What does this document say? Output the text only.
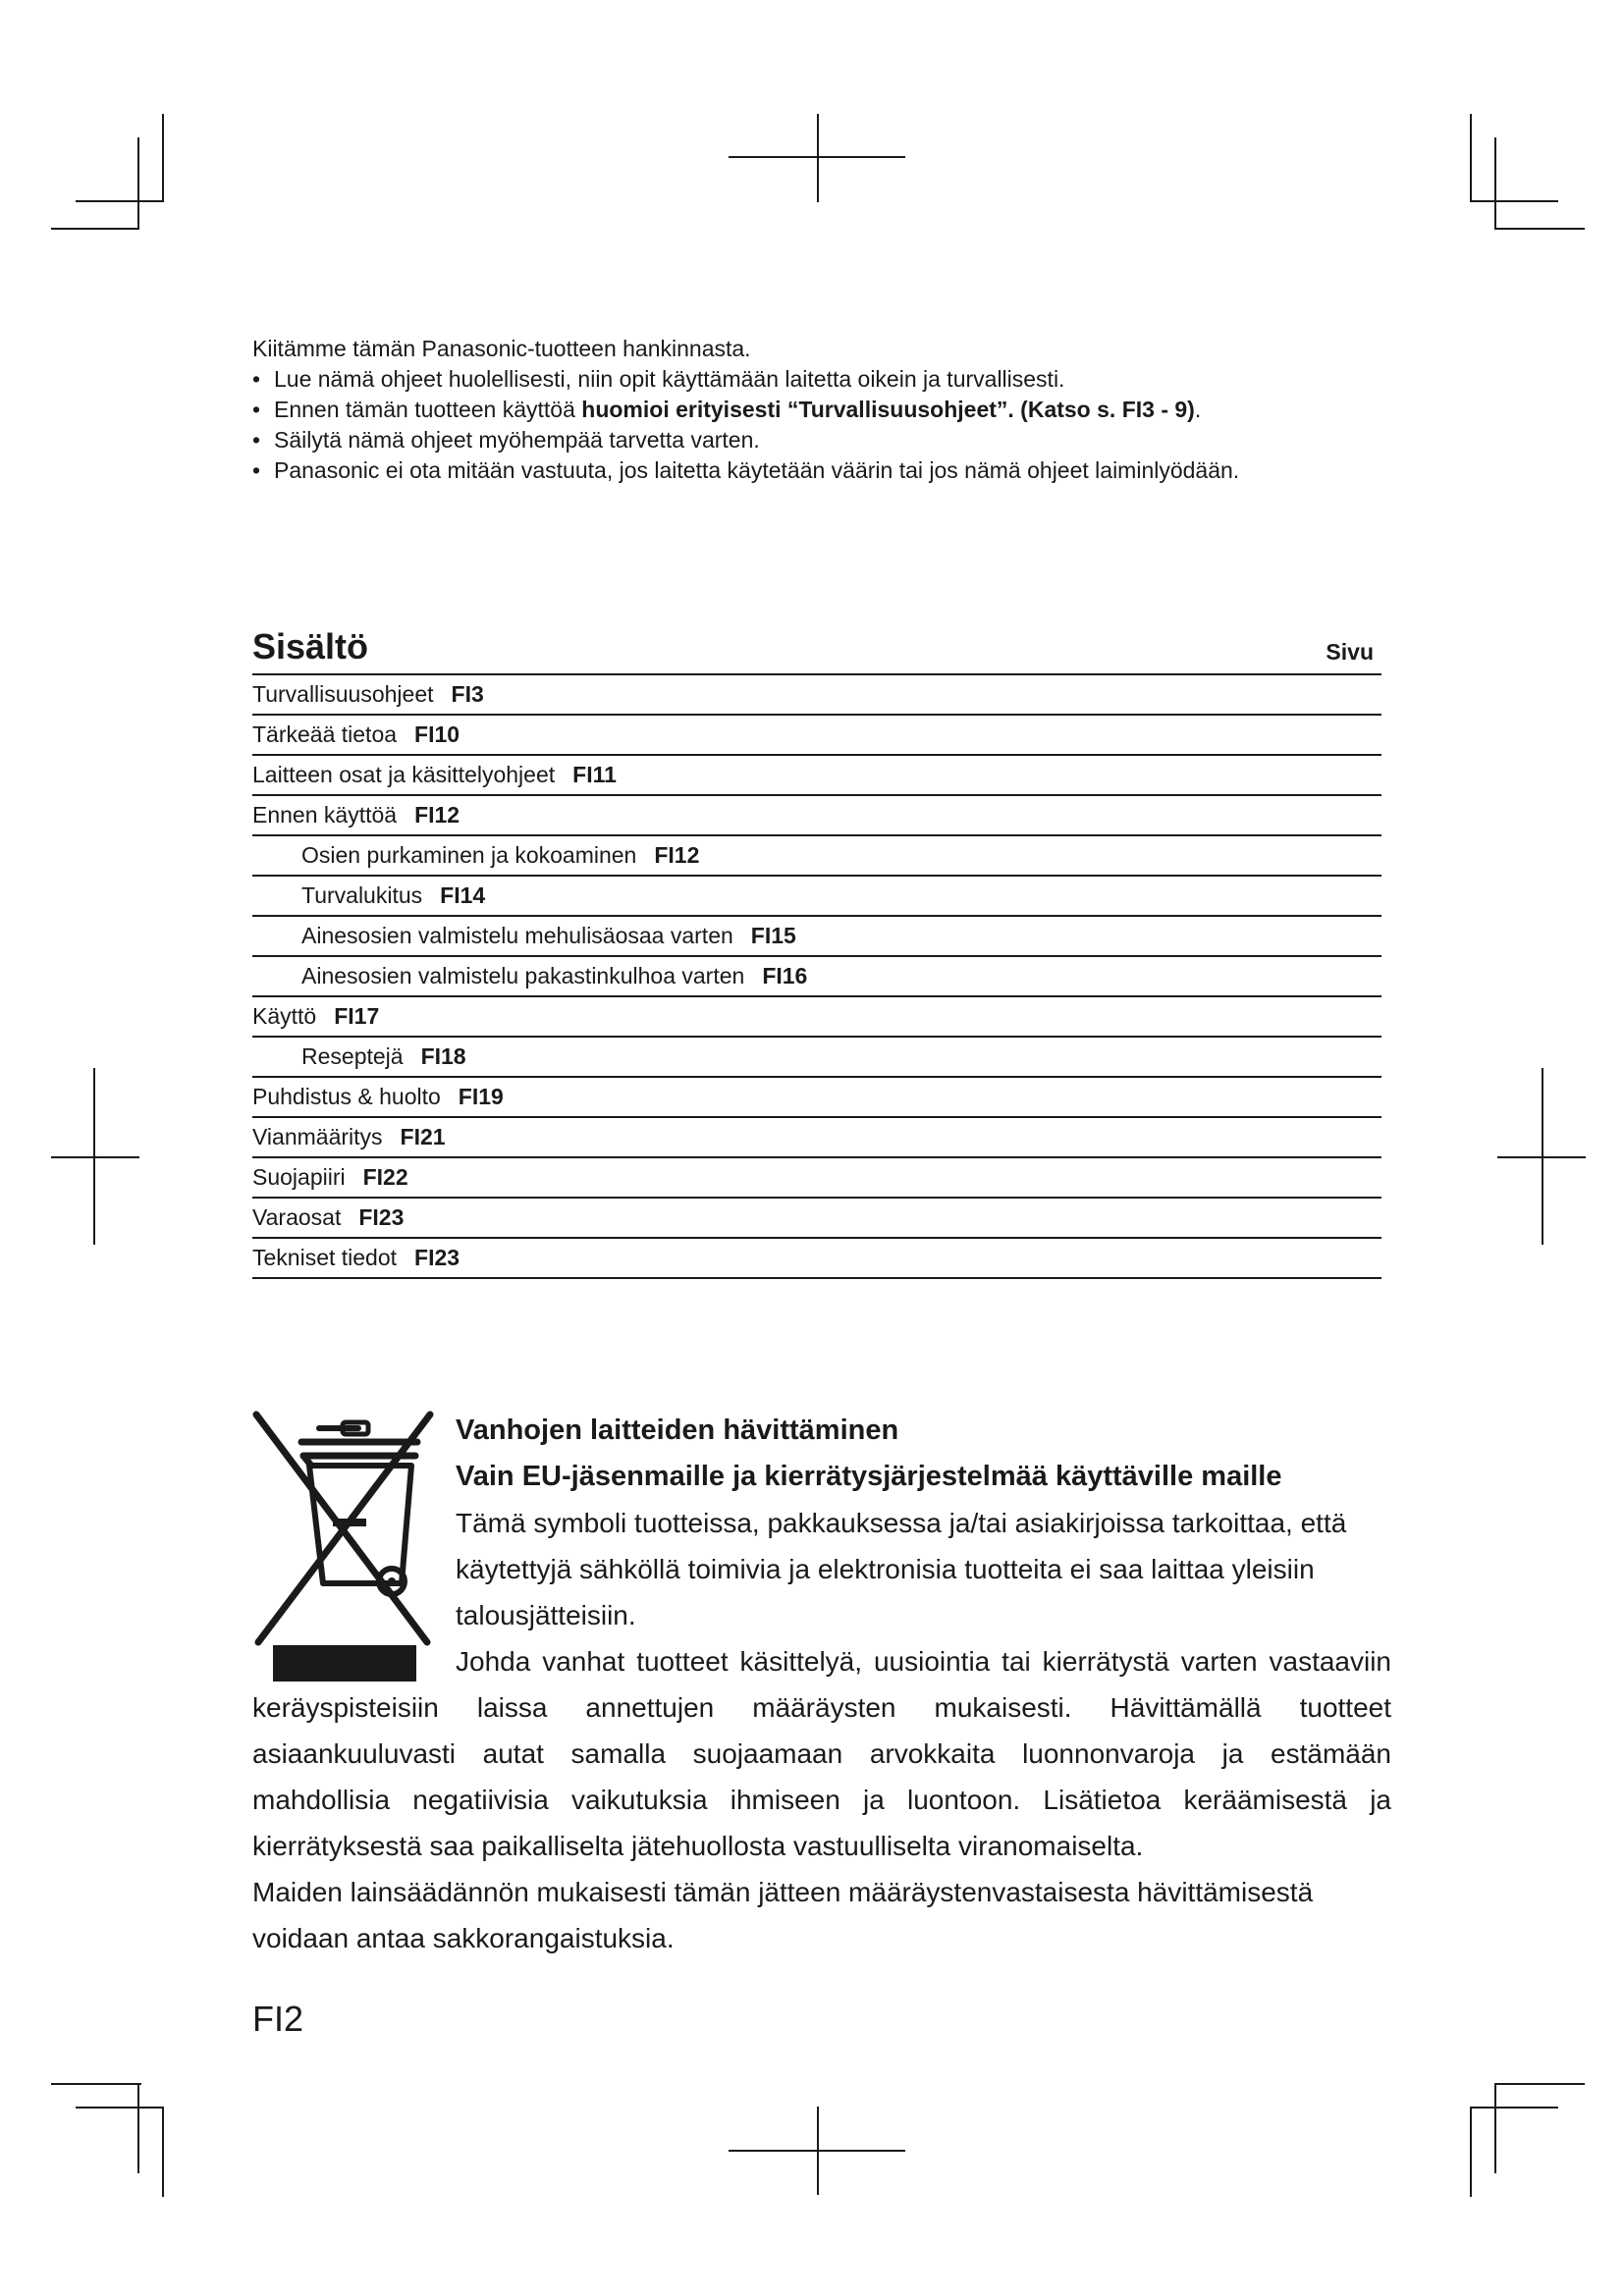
Kiitämme tämän Panasonic-tuotteen hankinnasta.

• Lue nämä ohjeet huolellisesti, niin opit käyttämään laitetta oikein ja turvallisesti.
• Ennen tämän tuotteen käyttöä huomioi erityisesti “Turvallisuusohjeet”. (Katso s. FI3 - 9).
• Säilytä nämä ohjeet myöhempää tarvetta varten.
• Panasonic ei ota mitään vastuuta, jos laitetta käytetään väärin tai jos nämä ohjeet laiminlyödään.
Sisältö	Sivu
Turvallisuusohjeet FI3
Tärkeää tietoa FI10
Laitteen osat ja käsittelyohjeet FI11
Ennen käyttöä FI12
Osien purkaminen ja kokoaminen FI12
Turvalukitus FI14
Ainesosien valmistelu mehulisäosaa varten FI15
Ainesosien valmistelu pakastinkulhoa varten FI16
Käyttö FI17
Reseptejä FI18
Puhdistus & huolto FI19
Vianmääritys FI21
Suojapiiri FI22
Varaosat FI23
Tekniset tiedot FI23
Vanhojen laitteiden hävittäminen
Vain EU-jäsenmaille ja kierrätysjärjestelmää käyttäville maille

Tämä symboli tuotteissa, pakkauksessa ja/tai asiakirjoissa tarkoittaa, että käytettyjä sähköllä toimivia ja elektronisia tuotteita ei saa laittaa yleisiin talousjätteisiin.

Johda vanhat tuotteet käsittelyä, uusiointia tai kierrätystä varten vastaaviin keräyspisteisiin laissa annettujen määräysten mukaisesti. Hävittämällä tuotteet asiaankuuluvasti autat samalla suojaamaan arvokkaita luonnonvaroja ja estämään mahdollisia negatiivisia vaikutuksia ihmiseen ja luontoon. Lisätietoa keräämisestä ja kierrätyksestä saa paikalliselta jätehuollosta vastuulliselta viranomaiselta.

Maiden lainsäädännön mukaisesti tämän jätteen määräystenvastaisesta hävittämisestä voidaan antaa sakkorangaistuksia.

FI2
